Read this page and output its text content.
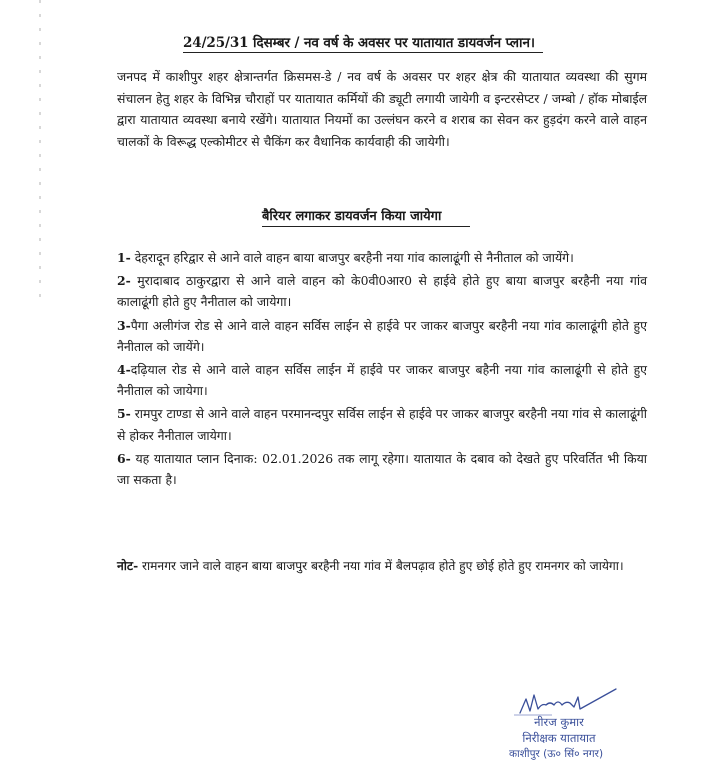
24/25/31 दिसम्बर / नव वर्ष के अवसर पर यातायात डायवर्जन प्लान।
जनपद में काशीपुर शहर क्षेत्रान्तर्गत क्रिसमस-डे / नव वर्ष के अवसर पर शहर क्षेत्र की यातायात व्यवस्था की सुगम संचालन हेतु शहर के विभिन्न चौराहों पर यातायात कर्मियों की ड्यूटी लगायी जायेगी व इन्टरसेप्टर / जम्बो / हॉक मोबाईल द्वारा यातायात व्यवस्था बनाये रखेंगे। यातायात नियमों का उल्लंघन करने व शराब का सेवन कर हुड़दंग करने वाले वाहन चालकों के विरूद्ध एल्कोमीटर से चैकिंग कर वैधानिक कार्यवाही की जायेगी।
बैरियर लगाकर डायवर्जन किया जायेगा

1- देहरादून हरिद्वार से आने वाले वाहन बाया बाजपुर बरहैनी नया गांव कालाढूंगी से नैनीताल को जायेंगे।

2- मुरादाबाद ठाकुरद्वारा से आने वाले वाहन को के0वी0आर0 से हाईवे होते हुए बाया बाजपुर बरहैनी नया गांव कालाढूंगी होते हुए नैनीताल को जायेगा।

3-पैगा अलीगंज रोड से आने वाले वाहन सर्विस लाईन से हाईवे पर जाकर बाजपुर बरहैनी नया गांव कालाढूंगी होते हुए नैनीताल को जायेंगे।

4-दढ़ियाल रोड से आने वाले वाहन सर्विस लाईन में हाईवे पर जाकर बाजपुर बहैनी नया गांव कालाढूंगी से होते हुए नैनीताल को जायेगा।

5- रामपुर टाण्डा से आने वाले वाहन परमानन्दपुर सर्विस लाईन से हाईवे पर जाकर बाजपुर बरहैनी नया गांव से कालाढूंगी से होकर नैनीताल जायेगा।

6- यह यातायात प्लान दिनाक: 02.01.2026 तक लागू रहेगा। यातायात के दबाव को देखते हुए परिवर्तित भी किया जा सकता है।

नोट- रामनगर जाने वाले वाहन बाया बाजपुर बरहैनी नया गांव में बैलपढ़ाव होते हुए छोई होते हुए रामनगर को जायेगा।
नीरज कुमार
निरीक्षक यातायात
काशीपुर (ऊ० सिं० नगर)
